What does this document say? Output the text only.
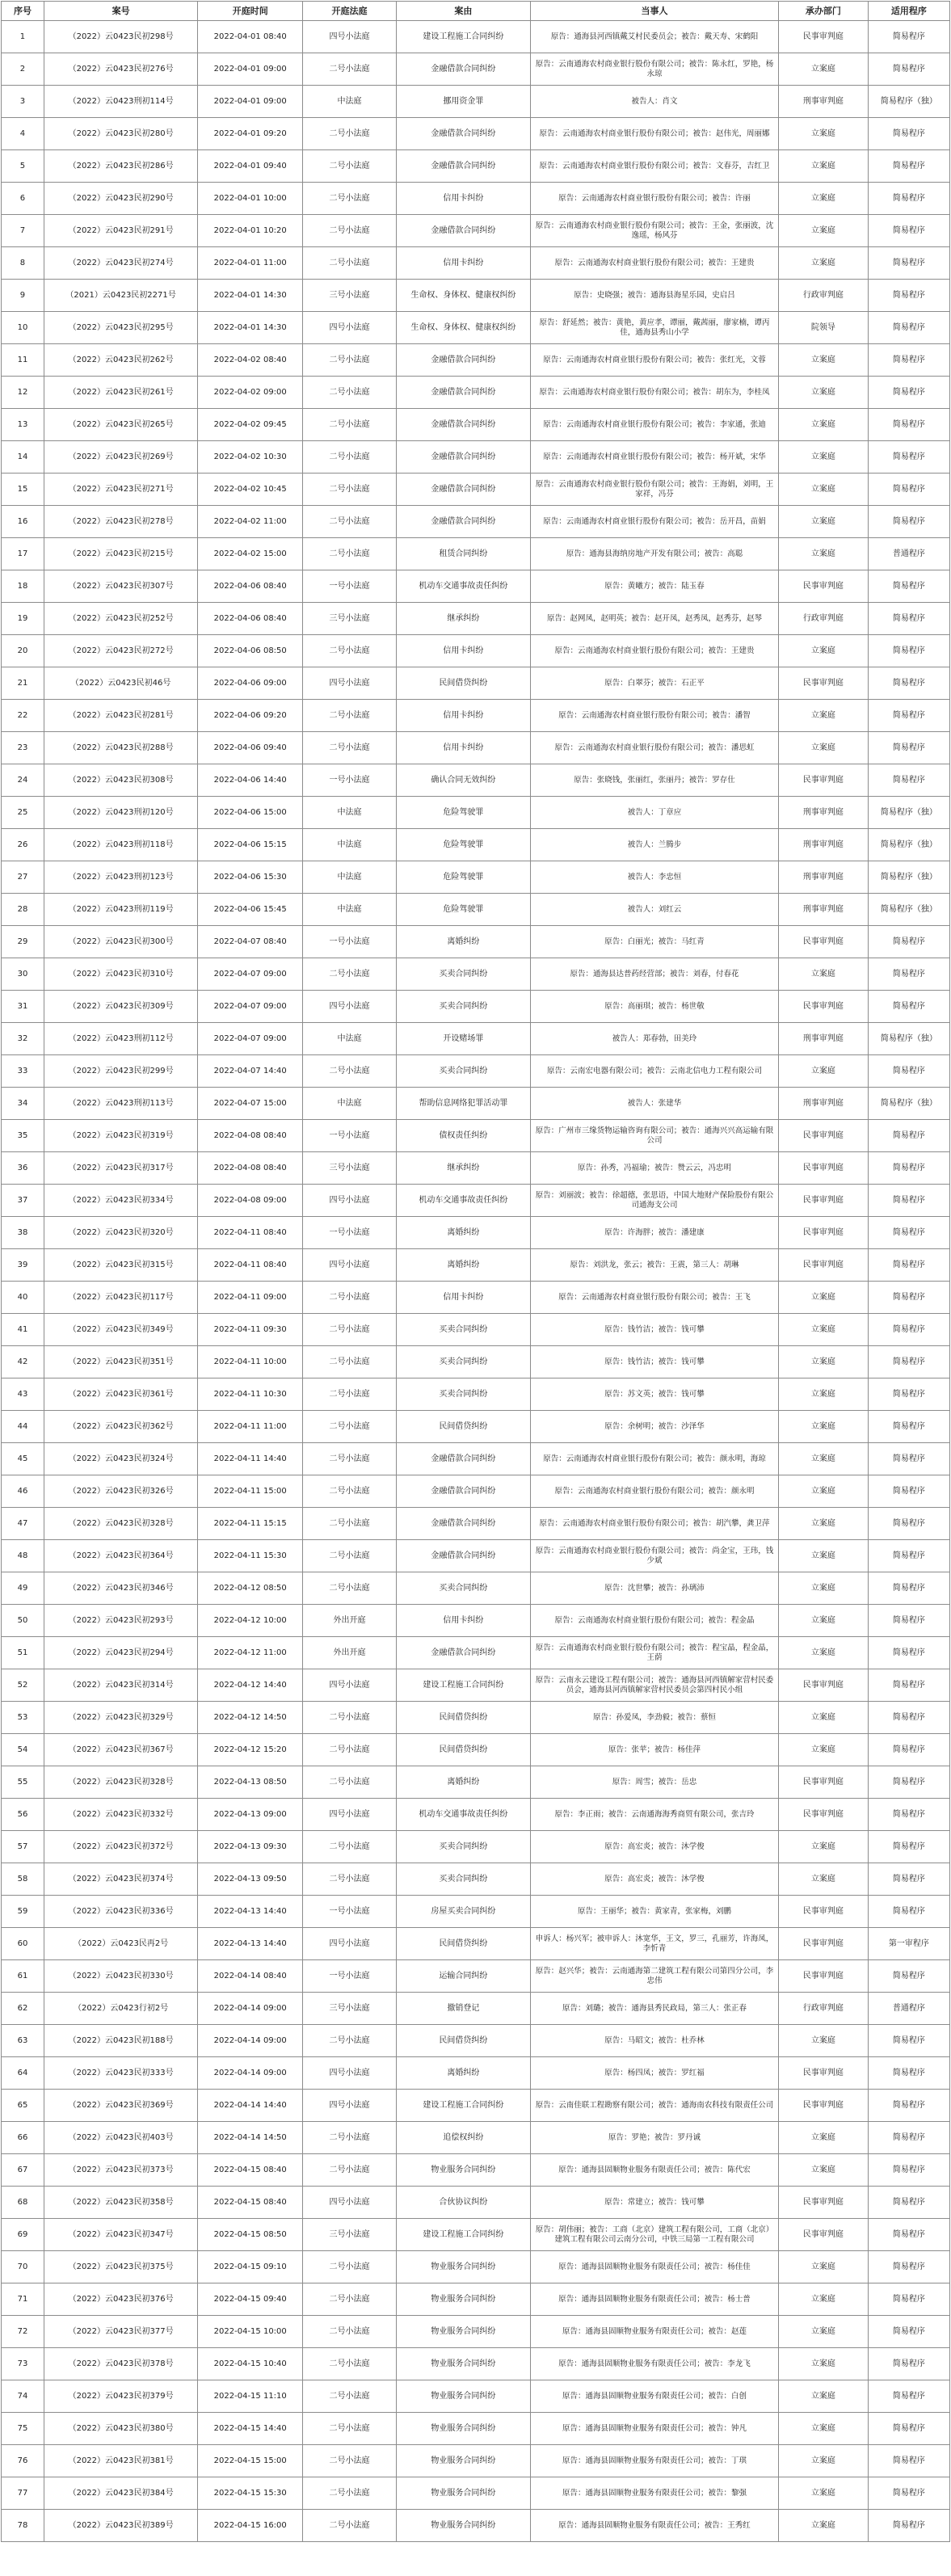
序号	案号	开庭时间	开庭法庭	案由	当事人	承办部门	适用程序
1	（2022）云0423民初298号	2022-04-01 08:40	四号小法庭	建设工程施工合同纠纷	原告：通海县河西镇戴艾村民委员会；被告：戴天寿、宋鹤阳	民事审判庭	简易程序
2	（2022）云0423民初276号	2022-04-01 09:00	二号小法庭	金融借款合同纠纷	原告：云南通海农村商业银行股份有限公司；被告：陈永红，罗艳，杨永琼	立案庭	简易程序
3	（2022）云0423刑初114号	2022-04-01 09:00	中法庭	挪用资金罪	被告人：肖文	刑事审判庭	简易程序（独）
4	（2022）云0423民初280号	2022-04-01 09:20	二号小法庭	金融借款合同纠纷	原告：云南通海农村商业银行股份有限公司；被告：赵伟光，周丽娜	立案庭	简易程序
5	（2022）云0423民初286号	2022-04-01 09:40	二号小法庭	金融借款合同纠纷	原告：云南通海农村商业银行股份有限公司；被告：文春芬，吉红卫	立案庭	简易程序
6	（2022）云0423民初290号	2022-04-01 10:00	二号小法庭	信用卡纠纷	原告：云南通海农村商业银行股份有限公司；被告：许丽	立案庭	简易程序
7	（2022）云0423民初291号	2022-04-01 10:20	二号小法庭	金融借款合同纠纷	原告：云南通海农村商业银行股份有限公司；被告：王金，张丽波，沈逸瑶，杨风芬	立案庭	简易程序
8	（2022）云0423民初274号	2022-04-01 11:00	二号小法庭	信用卡纠纷	原告：云南通海农村商业银行股份有限公司；被告：王建贵	立案庭	简易程序
9	（2021）云0423民初2271号	2022-04-01 14:30	三号小法庭	生命权、身体权、健康权纠纷	原告：史晓强；被告：通海县海星乐园，史启吕	行政审判庭	简易程序
10	（2022）云0423民初295号	2022-04-01 14:30	四号小法庭	生命权、身体权、健康权纠纷	原告：舒延然；被告：黄艳，黄应孝，谭丽，戴茜丽，廖家楠，谭丙佳，通海县秀山小学	院领导	简易程序
11	（2022）云0423民初262号	2022-04-02 08:40	二号小法庭	金融借款合同纠纷	原告：云南通海农村商业银行股份有限公司；被告：张红光，文蓉	立案庭	简易程序
12	（2022）云0423民初261号	2022-04-02 09:00	二号小法庭	金融借款合同纠纷	原告：云南通海农村商业银行股份有限公司；被告：胡东为，李桂凤	立案庭	简易程序
13	（2022）云0423民初265号	2022-04-02 09:45	二号小法庭	金融借款合同纠纷	原告：云南通海农村商业银行股份有限公司；被告：李家通，张迪	立案庭	简易程序
14	（2022）云0423民初269号	2022-04-02 10:30	二号小法庭	金融借款合同纠纷	原告：云南通海农村商业银行股份有限公司；被告：杨开斌，宋华	立案庭	简易程序
15	（2022）云0423民初271号	2022-04-02 10:45	二号小法庭	金融借款合同纠纷	原告：云南通海农村商业银行股份有限公司；被告：王海娟，刘明，王家祥，冯芬	立案庭	简易程序
16	（2022）云0423民初278号	2022-04-02 11:00	二号小法庭	金融借款合同纠纷	原告：云南通海农村商业银行股份有限公司；被告：岳开昌，苗娟	立案庭	简易程序
17	（2022）云0423民初215号	2022-04-02 15:00	二号小法庭	租赁合同纠纷	原告：通海县海纳房地产开发有限公司；被告：高聪	立案庭	普通程序
18	（2022）云0423民初307号	2022-04-06 08:40	一号小法庭	机动车交通事故责任纠纷	原告：黄曦方；被告：陆玉春	民事审判庭	简易程序
19	（2022）云0423民初252号	2022-04-06 08:40	三号小法庭	继承纠纷	原告：赵网凤，赵明英；被告：赵开凤，赵秀凤，赵秀芬，赵琴	行政审判庭	简易程序
20	（2022）云0423民初272号	2022-04-06 08:50	二号小法庭	信用卡纠纷	原告：云南通海农村商业银行股份有限公司；被告：王建贵	立案庭	简易程序
21	（2022）云0423民初46号	2022-04-06 09:00	四号小法庭	民间借贷纠纷	原告：白翠芬；被告：石正平	民事审判庭	简易程序
22	（2022）云0423民初281号	2022-04-06 09:20	二号小法庭	信用卡纠纷	原告：云南通海农村商业银行股份有限公司；被告：潘智	立案庭	简易程序
23	（2022）云0423民初288号	2022-04-06 09:40	二号小法庭	信用卡纠纷	原告：云南通海农村商业银行股份有限公司；被告：潘思虹	立案庭	简易程序
24	（2022）云0423民初308号	2022-04-06 14:40	一号小法庭	确认合同无效纠纷	原告：张晓钱，张丽红，张丽丹；被告：罗存仕	民事审判庭	简易程序
25	（2022）云0423刑初120号	2022-04-06 15:00	中法庭	危险驾驶罪	被告人：丁章应	刑事审判庭	简易程序（独）
26	（2022）云0423刑初118号	2022-04-06 15:15	中法庭	危险驾驶罪	被告人：兰腾步	刑事审判庭	简易程序（独）
27	（2022）云0423刑初123号	2022-04-06 15:30	中法庭	危险驾驶罪	被告人：李忠恒	刑事审判庭	简易程序（独）
28	（2022）云0423刑初119号	2022-04-06 15:45	中法庭	危险驾驶罪	被告人：刘红云	刑事审判庭	简易程序（独）
29	（2022）云0423民初300号	2022-04-07 08:40	一号小法庭	离婚纠纷	原告：白丽光；被告：马红青	民事审判庭	简易程序
30	（2022）云0423民初310号	2022-04-07 09:00	二号小法庭	买卖合同纠纷	原告：通海县达普药经营部；被告：刘春，付春花	立案庭	简易程序
31	（2022）云0423民初309号	2022-04-07 09:00	四号小法庭	买卖合同纠纷	原告：高丽琪；被告：杨世敬	民事审判庭	简易程序
32	（2022）云0423刑初112号	2022-04-07 09:00	中法庭	开设赌场罪	被告人：郑春勃，田美玲	刑事审判庭	简易程序（独）
33	（2022）云0423民初299号	2022-04-07 14:40	二号小法庭	买卖合同纠纷	原告：云南宏电器有限公司；被告：云南北信电力工程有限公司	立案庭	简易程序
34	（2022）云0423刑初113号	2022-04-07 15:00	中法庭	帮助信息网络犯罪活动罪	被告人：张建华	刑事审判庭	简易程序（独）
35	（2022）云0423民初319号	2022-04-08 08:40	一号小法庭	债权责任纠纷	原告：广州市三缘货物运输咨询有限公司；被告：通海兴兴高运输有限公司	民事审判庭	简易程序
36	（2022）云0423民初317号	2022-04-08 08:40	三号小法庭	继承纠纷	原告：孙秀，冯福瑜；被告：赞云云，冯忠明	民事审判庭	简易程序
37	（2022）云0423民初334号	2022-04-08 09:00	四号小法庭	机动车交通事故责任纠纷	原告：刘丽波；被告：徐超德，张思语，中国大地财产保险股份有限公司通海支公司	民事审判庭	简易程序
38	（2022）云0423民初320号	2022-04-11 08:40	一号小法庭	离婚纠纷	原告：许海胖；被告：潘建康	民事审判庭	简易程序
39	（2022）云0423民初315号	2022-04-11 08:40	四号小法庭	离婚纠纷	原告：刘洪龙，张云；被告：王震，第三人：胡琳	民事审判庭	简易程序
40	（2022）云0423民初117号	2022-04-11 09:00	二号小法庭	信用卡纠纷	原告：云南通海农村商业银行股份有限公司；被告：王飞	立案庭	简易程序
41	（2022）云0423民初349号	2022-04-11 09:30	二号小法庭	买卖合同纠纷	原告：钱竹洁；被告：钱可攀	立案庭	简易程序
42	（2022）云0423民初351号	2022-04-11 10:00	二号小法庭	买卖合同纠纷	原告：钱竹洁；被告：钱可攀	立案庭	简易程序
43	（2022）云0423民初361号	2022-04-11 10:30	二号小法庭	买卖合同纠纷	原告：苏文英；被告：钱可攀	立案庭	简易程序
44	（2022）云0423民初362号	2022-04-11 11:00	二号小法庭	民间借贷纠纷	原告：余树明；被告：沙泽华	立案庭	简易程序
45	（2022）云0423民初324号	2022-04-11 14:40	二号小法庭	金融借款合同纠纷	原告：云南通海农村商业银行股份有限公司；被告：颜永明，海琼	立案庭	简易程序
46	（2022）云0423民初326号	2022-04-11 15:00	二号小法庭	金融借款合同纠纷	原告：云南通海农村商业银行股份有限公司；被告：颜永明	立案庭	简易程序
47	（2022）云0423民初328号	2022-04-11 15:15	二号小法庭	金融借款合同纠纷	原告：云南通海农村商业银行股份有限公司；被告：胡汽攀，龚卫萍	立案庭	简易程序
48	（2022）云0423民初364号	2022-04-11 15:30	二号小法庭	金融借款合同纠纷	原告：云南通海农村商业银行股份有限公司；被告：尚金宝，王玮，钱少斌	立案庭	简易程序
49	（2022）云0423民初346号	2022-04-12 08:50	二号小法庭	买卖合同纠纷	原告：沈世攀；被告：孙璃沛	立案庭	简易程序
50	（2022）云0423民初293号	2022-04-12 10:00	外出开庭	信用卡纠纷	原告：云南通海农村商业银行股份有限公司；被告：程金晶	立案庭	简易程序
51	（2022）云0423民初294号	2022-04-12 11:00	外出开庭	金融借款合同纠纷	原告：云南通海农村商业银行股份有限公司；被告：程宝晶，程金晶，王荫	立案庭	简易程序
52	（2022）云0423民初314号	2022-04-12 14:40	四号小法庭	建设工程施工合同纠纷	原告：云南永云建设工程有限公司；被告：通海县河西镇解家营村民委员会，通海县河西镇解家营村民委员会第四村民小组	民事审判庭	简易程序
53	（2022）云0423民初329号	2022-04-12 14:50	二号小法庭	民间借贷纠纷	原告：孙爱凤，李劲毅；被告：蔡恒	立案庭	简易程序
54	（2022）云0423民初367号	2022-04-12 15:20	二号小法庭	民间借贷纠纷	原告：张苹；被告：杨佳萍	立案庭	简易程序
55	（2022）云0423民初328号	2022-04-13 08:50	二号小法庭	离婚纠纷	原告：周雪；被告：岳忠	民事审判庭	简易程序
56	（2022）云0423民初332号	2022-04-13 09:00	四号小法庭	机动车交通事故责任纠纷	原告：李正雨；被告：云南通海海秀商贸有限公司，张吉玲	民事审判庭	简易程序
57	（2022）云0423民初372号	2022-04-13 09:30	二号小法庭	买卖合同纠纷	原告：高宏炎；被告：沐学俊	立案庭	简易程序
58	（2022）云0423民初374号	2022-04-13 09:50	二号小法庭	买卖合同纠纷	原告：高宏炎；被告：沐学俊	立案庭	简易程序
59	（2022）云0423民初336号	2022-04-13 14:40	一号小法庭	房屋买卖合同纠纷	原告：王丽华；被告：黄家青，张家梅，刘鹏	民事审判庭	简易程序
60	（2022）云0423民再2号	2022-04-13 14:40	四号小法庭	民间借贷纠纷	申诉人：杨兴军；被申诉人：沐宽华，王文，罗三，孔丽芳，许海凤，李忻青	民事审判庭	第一审程序
61	（2022）云0423民初330号	2022-04-14 08:40	一号小法庭	运输合同纠纷	原告：赵兴华；被告：云南通海第二建筑工程有限公司第四分公司，李忠伟	民事审判庭	简易程序
62	（2022）云0423行初2号	2022-04-14 09:00	三号小法庭	撤销登记	原告：刘璐；被告：通海县秀民政局，第三人：张正春	行政审判庭	普通程序
63	（2022）云0423民初188号	2022-04-14 09:00	二号小法庭	民间借贷纠纷	原告：马昭文；被告：杜乔林	立案庭	简易程序
64	（2022）云0423民初333号	2022-04-14 09:00	四号小法庭	离婚纠纷	原告：杨四凤；被告：罗红福	民事审判庭	简易程序
65	（2022）云0423民初369号	2022-04-14 14:40	四号小法庭	建设工程施工合同纠纷	原告：云南佳联工程勘察有限公司；被告：通海南农科技有限责任公司	民事审判庭	简易程序
66	（2022）云0423民初403号	2022-04-14 14:50	二号小法庭	追偿权纠纷	原告：罗艳；被告：罗丹诚	立案庭	简易程序
67	（2022）云0423民初373号	2022-04-15 08:40	二号小法庭	物业服务合同纠纷	原告：通海县固顺物业服务有限责任公司；被告：陈代宏	立案庭	简易程序
68	（2022）云0423民初358号	2022-04-15 08:40	四号小法庭	合伙协议纠纷	原告：常建立；被告：钱可攀	民事审判庭	简易程序
69	（2022）云0423民初347号	2022-04-15 08:50	三号小法庭	建设工程施工合同纠纷	原告：胡伟丽；被告：工商（北京）建筑工程有限公司，工商（北京）建筑工程有限公司云南分公司，中铁三局第一工程有限公司	民事审判庭	简易程序
70	（2022）云0423民初375号	2022-04-15 09:10	二号小法庭	物业服务合同纠纷	原告：通海县固顺物业服务有限责任公司；被告：杨佳佳	立案庭	简易程序
71	（2022）云0423民初376号	2022-04-15 09:40	二号小法庭	物业服务合同纠纷	原告：通海县固顺物业服务有限责任公司；被告：杨士普	立案庭	简易程序
72	（2022）云0423民初377号	2022-04-15 10:00	二号小法庭	物业服务合同纠纷	原告：通海县固顺物业服务有限责任公司；被告：赵莲	立案庭	简易程序
73	（2022）云0423民初378号	2022-04-15 10:40	二号小法庭	物业服务合同纠纷	原告：通海县固顺物业服务有限责任公司；被告：李龙飞	立案庭	简易程序
74	（2022）云0423民初379号	2022-04-15 11:10	二号小法庭	物业服务合同纠纷	原告：通海县固顺物业服务有限责任公司；被告：白创	立案庭	简易程序
75	（2022）云0423民初380号	2022-04-15 14:40	二号小法庭	物业服务合同纠纷	原告：通海县固顺物业服务有限责任公司；被告：钟凡	立案庭	简易程序
76	（2022）云0423民初381号	2022-04-15 15:00	二号小法庭	物业服务合同纠纷	原告：通海县固顺物业服务有限责任公司；被告：丁琪	立案庭	简易程序
77	（2022）云0423民初384号	2022-04-15 15:30	二号小法庭	物业服务合同纠纷	原告：通海县固顺物业服务有限责任公司；被告：黎强	立案庭	简易程序
78	（2022）云0423民初389号	2022-04-15 16:00	二号小法庭	物业服务合同纠纷	原告：通海县固顺物业服务有限责任公司；被告：王秀红	立案庭	简易程序
